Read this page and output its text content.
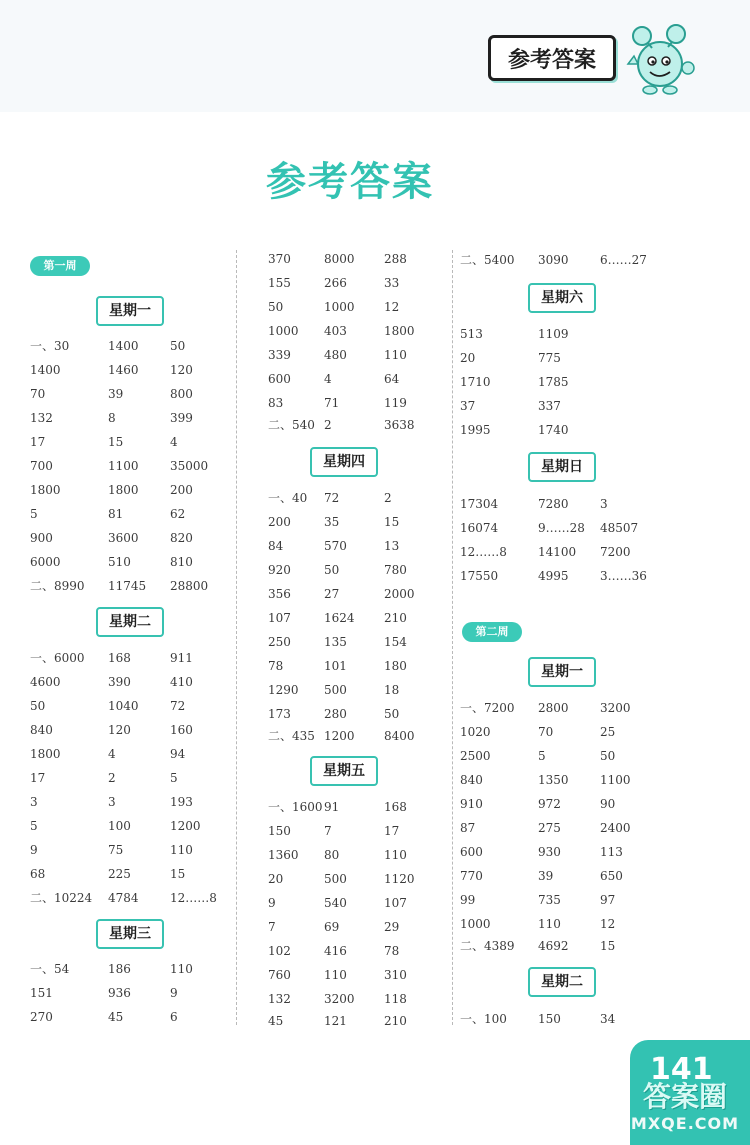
参考答案
参考答案
第一周
第二周
星期一
星期二
星期三
星期四
星期五
星期六
星期日
星期一
星期二
一、30	1400	50
1400	1460	120
70	39	800
132	8	399
17	15	4
700	1100	35000
1800	1800	200
5	81	62
900	3600	820
6000	510	810
二、8990 11745 28800
一、6000 168	911
4600	390	410
50	1040	72
840	120	160
1800	4	94
17	2	5
3	3	193
5	100	1200
9	75	110
68	225	15
二、10224 4784	12……8
一、54	186	110
151	936	9
270	45	6
370	8000 288
155	266	33
50	1000 12
1000 403	1800
339	480	110
600	4	64
83	71	119
二、540 2	3638
一、40 72	2
200	35	15
84	570	13
920	50	780
356	27	2000
107	1624 210
250	135	154
78	101	180
1290 500	18
173	280	50
二、435 1200 8400
一、1600 91	168
150	7	17
1360 80	110
20	500	1120
9	540	107
7	69	29
102	416	78
760	110	310
132	3200 118
45	121	210
二、5400 3090	6……27
513	1109
20	775
1710	1785
37	337
1995	1740
17304	7280	3
16074	9……28 48507
12……8	14100 7200
17550	4995	3……36
一、7200 2800	3200
1020	70	25
2500	5	50
840	1350	1100
910	972	90
87	275	2400
600	930	113
770	39	650
99	735	97
1000	110	12
二、4389 4692	15
一、100	150	34
141
答案圈
MXQE.COM
